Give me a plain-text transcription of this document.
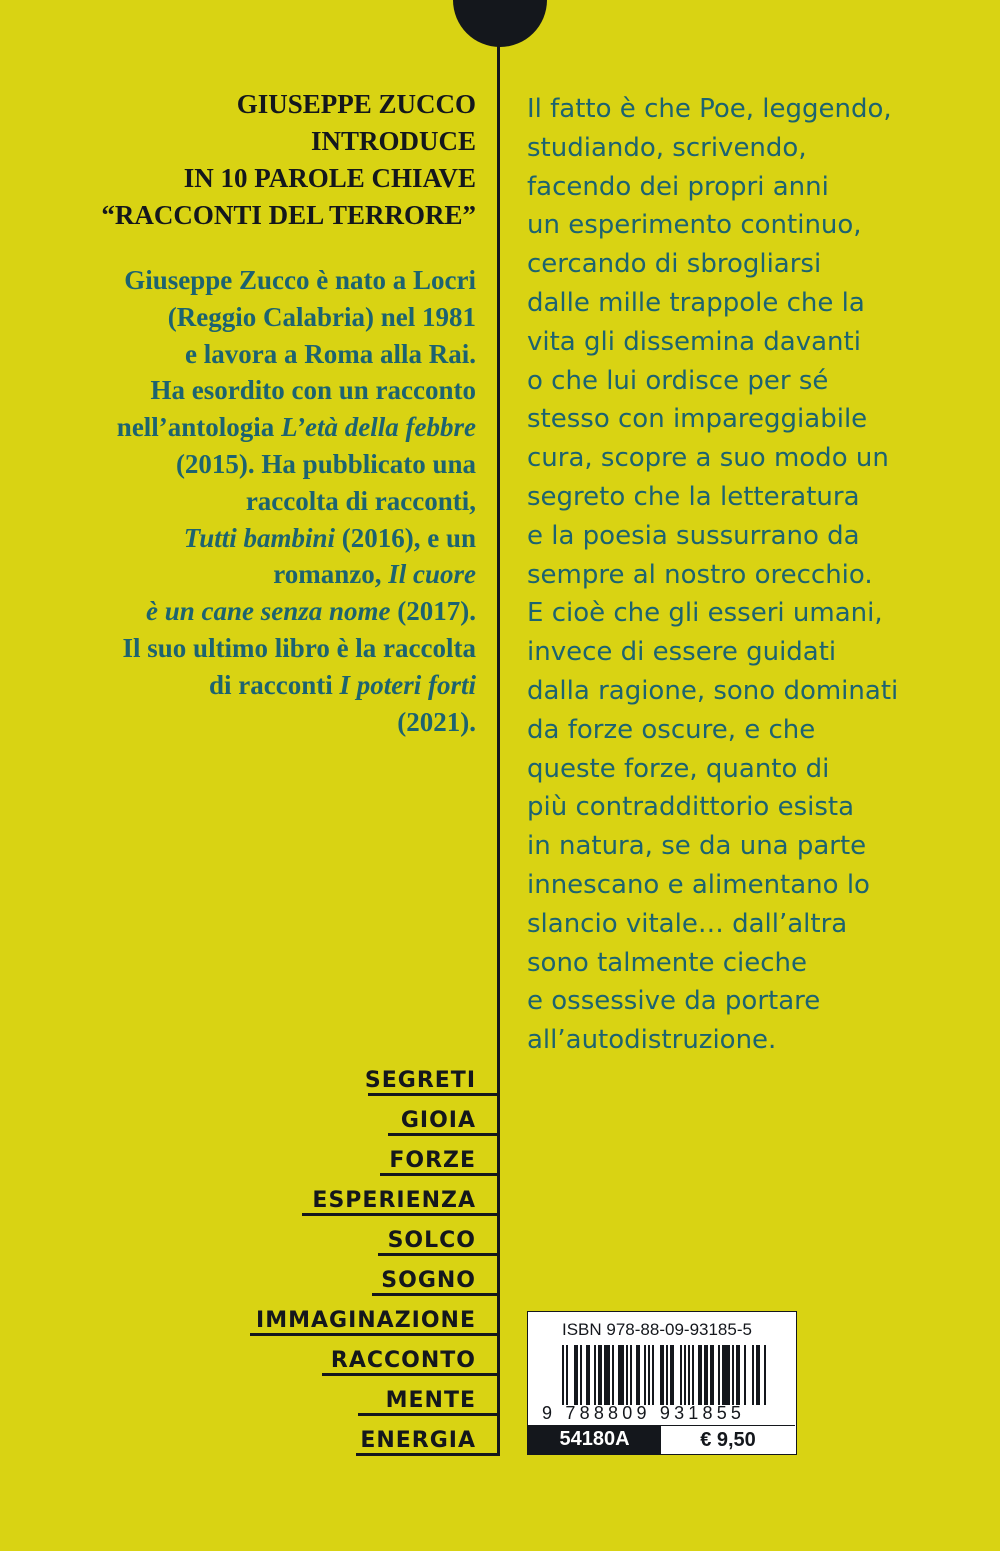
GIUSEPPE ZUCCO
INTRODUCE
IN 10 PAROLE CHIAVE
“RACCONTI DEL TERRORE”
Giuseppe Zucco è nato a Locri
(Reggio Calabria) nel 1981
e lavora a Roma alla Rai.
Ha esordito con un racconto
nell’antologia L’età della febbre
(2015). Ha pubblicato una
raccolta di racconti,
Tutti bambini (2016), e un
romanzo, Il cuore
è un cane senza nome (2017).
Il suo ultimo libro è la raccolta
di racconti I poteri forti
(2021).
Il fatto è che Poe, leggendo,
studiando, scrivendo,
facendo dei propri anni
un esperimento continuo,
cercando di sbrogliarsi
dalle mille trappole che la
vita gli dissemina davanti
o che lui ordisce per sé
stesso con impareggiabile
cura, scopre a suo modo un
segreto che la letteratura
e la poesia sussurrano da
sempre al nostro orecchio.
E cioè che gli esseri umani,
invece di essere guidati
dalla ragione, sono dominati
da forze oscure, e che
queste forze, quanto di
più contraddittorio esista
in natura, se da una parte
innescano e alimentano lo
slancio vitale… dall’altra
sono talmente cieche
e ossessive da portare
all’autodistruzione.
SEGRETI
GIOIA
FORZE
ESPERIENZA
SOLCO
SOGNO
IMMAGINAZIONE
RACCONTO
MENTE
ENERGIA
ISBN 978-88-09-93185-5
9 788809 931855
54180A	€ 9,50
